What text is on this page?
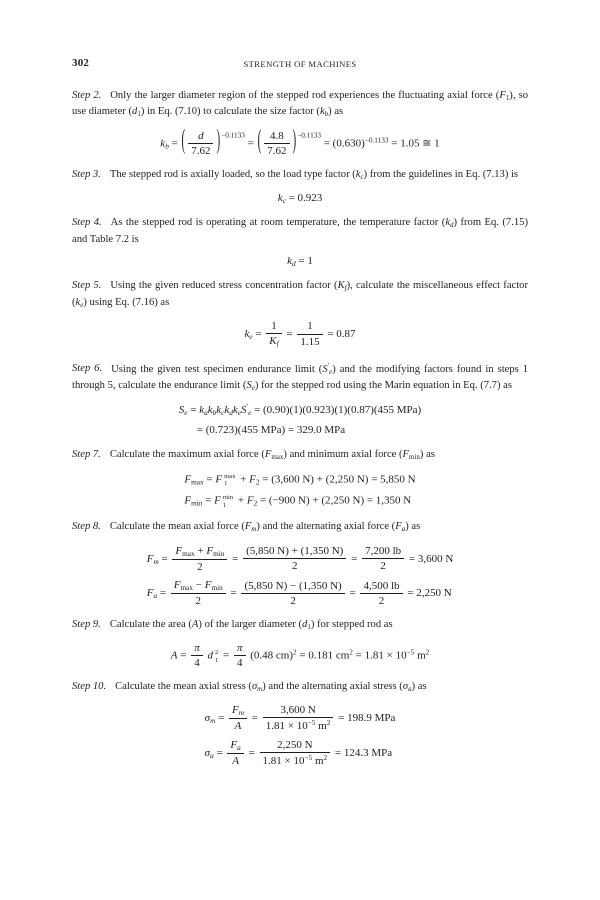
302	STRENGTH OF MACHINES

Step 2. Only the larger diameter region of the stepped rod experiences the fluctuating axial force $(F_1)$, so use diameter $(d_1)$ in Eq. (7.10) to calculate the size factor $(k_b)$ as

$k_b$ = ( $\frac{d}{7.62} )^{-0.1133}$ = ( $\frac{4.8}{7.62} )^{-0.1133} = (0.630)^{-0.1133} = 1.05$ ≅ 1

Step 3. The stepped rod is axially loaded, so the load type factor $(k_c)$ from the guidelines in Eq. (7.13) is

$k_c = 0.923$

Step 4. As the stepped rod is operating at room temperature, the temperature factor $(k_d)$ from Eq. (7.15) and Table 7.2 is

$k_d = 1$

Step 5. Using the given reduced stress concentration factor $(K_f)$, calculate the miscellaneous effect factor $(k_e)$ using Eq. (7.16) as

$k_e = \frac{1}{K_f} = \frac{1}{1.15} = 0.87$

Step 6. Using the given test specimen endurance limit $(S'_e)$ and the modifying factors found in steps 1 through 5, calculate the endurance limit $(S_e)$ for the stepped rod using the Marin equation in Eq. (7.7) as

$S_e = k_ak_bk_ck_dk_eS'_e = (0.90)(1)(0.923)(1)(0.87)(455$ MPa)
= (0.723)(455 MPa) = 329.0 MPa

Step 7. Calculate the maximum axial force $(F_{max})$ and minimum axial force $(F_{min})$ as

$F_{max} = F$ max
$1 + F_2 = (3,600$ N) + (2,250 N) = 5,850 N
$F_{min} = F$ min
$1 + F_2 = (-900$ N) + (2,250 N) = 1,350 N

Step 8. Calculate the mean axial force $(F_m)$ and the alternating axial force $(F_a)$ as

$F_m = \frac{F_{max} + F_{min}}{2} = \frac{(5,850 N) + (1,350 N)}{2} = \frac{7,200 lb}{2} = 3,600$ N
$F_a = \frac{F_{max} - F_{min}}{2} = \frac{(5,850 N) - (1,350 N)}{2} = \frac{4,500 lb}{2} = 2,250$ N

Step 9. Calculate the area (A) of the larger diameter $(d_1)$ for stepped rod as

$A = \frac{\pi}{4}$ d 2
$1 = \frac{\pi}{4} (0.48$ cm)$^2$ = 0.181 $cm^2 = 1.81 \times 10^{-5}$ $m^2$

Step 10. Calculate the mean axial stress $(\sigma_m)$ and the alternating axial stress $(\sigma_a)$ as

$\sigma_m = \frac{F_m}{A} = \frac{3,600 N}{1.81 \times 10^{-5} m^2} = 198.9$ MPa
$\sigma_a = \frac{F_a}{A} = \frac{2,250 N}{1.81 \times 10^{-5} m^2} = 124.3$ MPa
